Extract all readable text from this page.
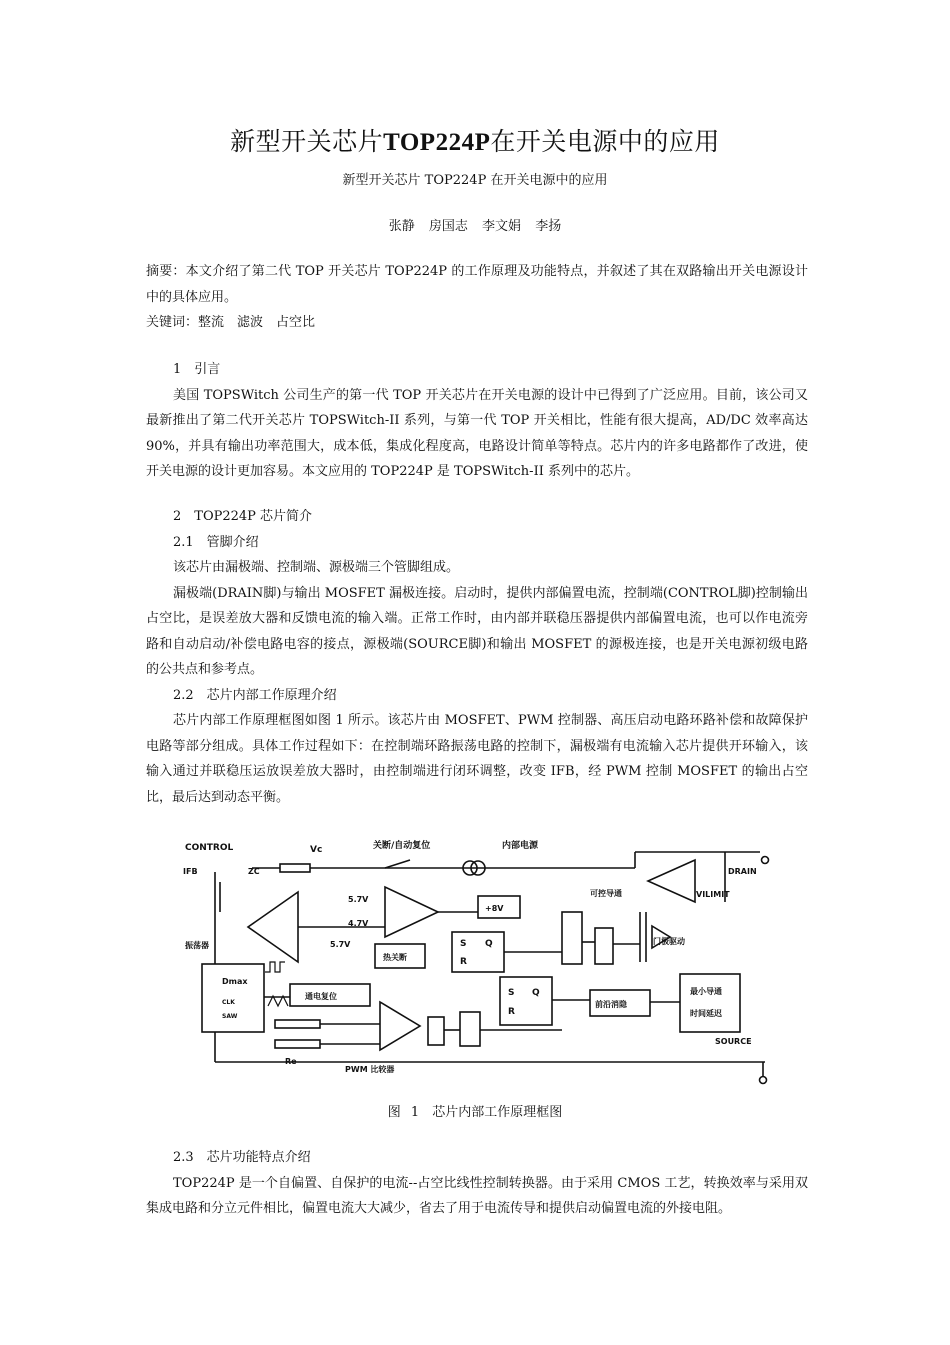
新型开关芯片TOP224P在开关电源中的应用
新型开关芯片 TOP224P 在开关电源中的应用
张静 房国志 李文娟 李扬

摘要：本文介绍了第二代 TOP 开关芯片 TOP224P 的工作原理及功能特点，并叙述了其在双路输出开关电源设计中的具体应用。

关键词：整流　滤波　占空比

1　引言

美国 TOPSWitch 公司生产的第一代 TOP 开关芯片在开关电源的设计中已得到了广泛应用。目前，该公司又最新推出了第二代开关芯片 TOPSWitch-II 系列，与第一代 TOP 开关相比，性能有很大提高，AD/DC 效率高达 90%，并具有输出功率范围大，成本低，集成化程度高，电路设计简单等特点。芯片内的许多电路都作了改进，使开关电源的设计更加容易。本文应用的 TOP224P 是 TOPSWitch-II 系列中的芯片。

2　TOP224P 芯片简介

2.1　管脚介绍

该芯片由漏极端、控制端、源极端三个管脚组成。

漏极端(DRAIN脚)与输出 MOSFET 漏极连接。启动时，提供内部偏置电流，控制端(CONTROL脚)控制输出占空比，是误差放大器和反馈电流的输入端。正常工作时，由内部并联稳压器提供内部偏置电流，也可以作电流旁路和自动启动/补偿电路电容的接点，源极端(SOURCE脚)和输出 MOSFET 的源极连接，也是开关电源初级电路的公共点和参考点。

2.2　芯片内部工作原理介绍

芯片内部工作原理框图如图 1 所示。该芯片由 MOSFET、PWM 控制器、高压启动电路环路补偿和故障保护电路等部分组成。具体工作过程如下：在控制端环路振荡电路的控制下，漏极端有电流输入芯片提供开环输入，该输入通过并联稳压运放误差放大器时，由控制端进行闭环调整，改变 IFB，经 PWM 控制 MOSFET 的输出占空比，最后达到动态平衡。

CONTROL
IFB	ZC
Vc	关断/自动复位	内部电源
DRAIN
VILIMIT
5.7V
4.7V
5.7V
+8V
可控导通
门极驱动
振荡器
热关断
Dmax
CLK
SAW
通电复位
前沿消隐
最小导通
时间延迟
SOURCE
Re
PWM 比较器
S Q
R
S Q
R
图 1　芯片内部工作原理框图

2.3　芯片功能特点介绍

TOP224P 是一个自偏置、自保护的电流--占空比线性控制转换器。由于采用 CMOS 工艺，转换效率与采用双集成电路和分立元件相比，偏置电流大大减少，省去了用于电流传导和提供启动偏置电流的外接电阻。
